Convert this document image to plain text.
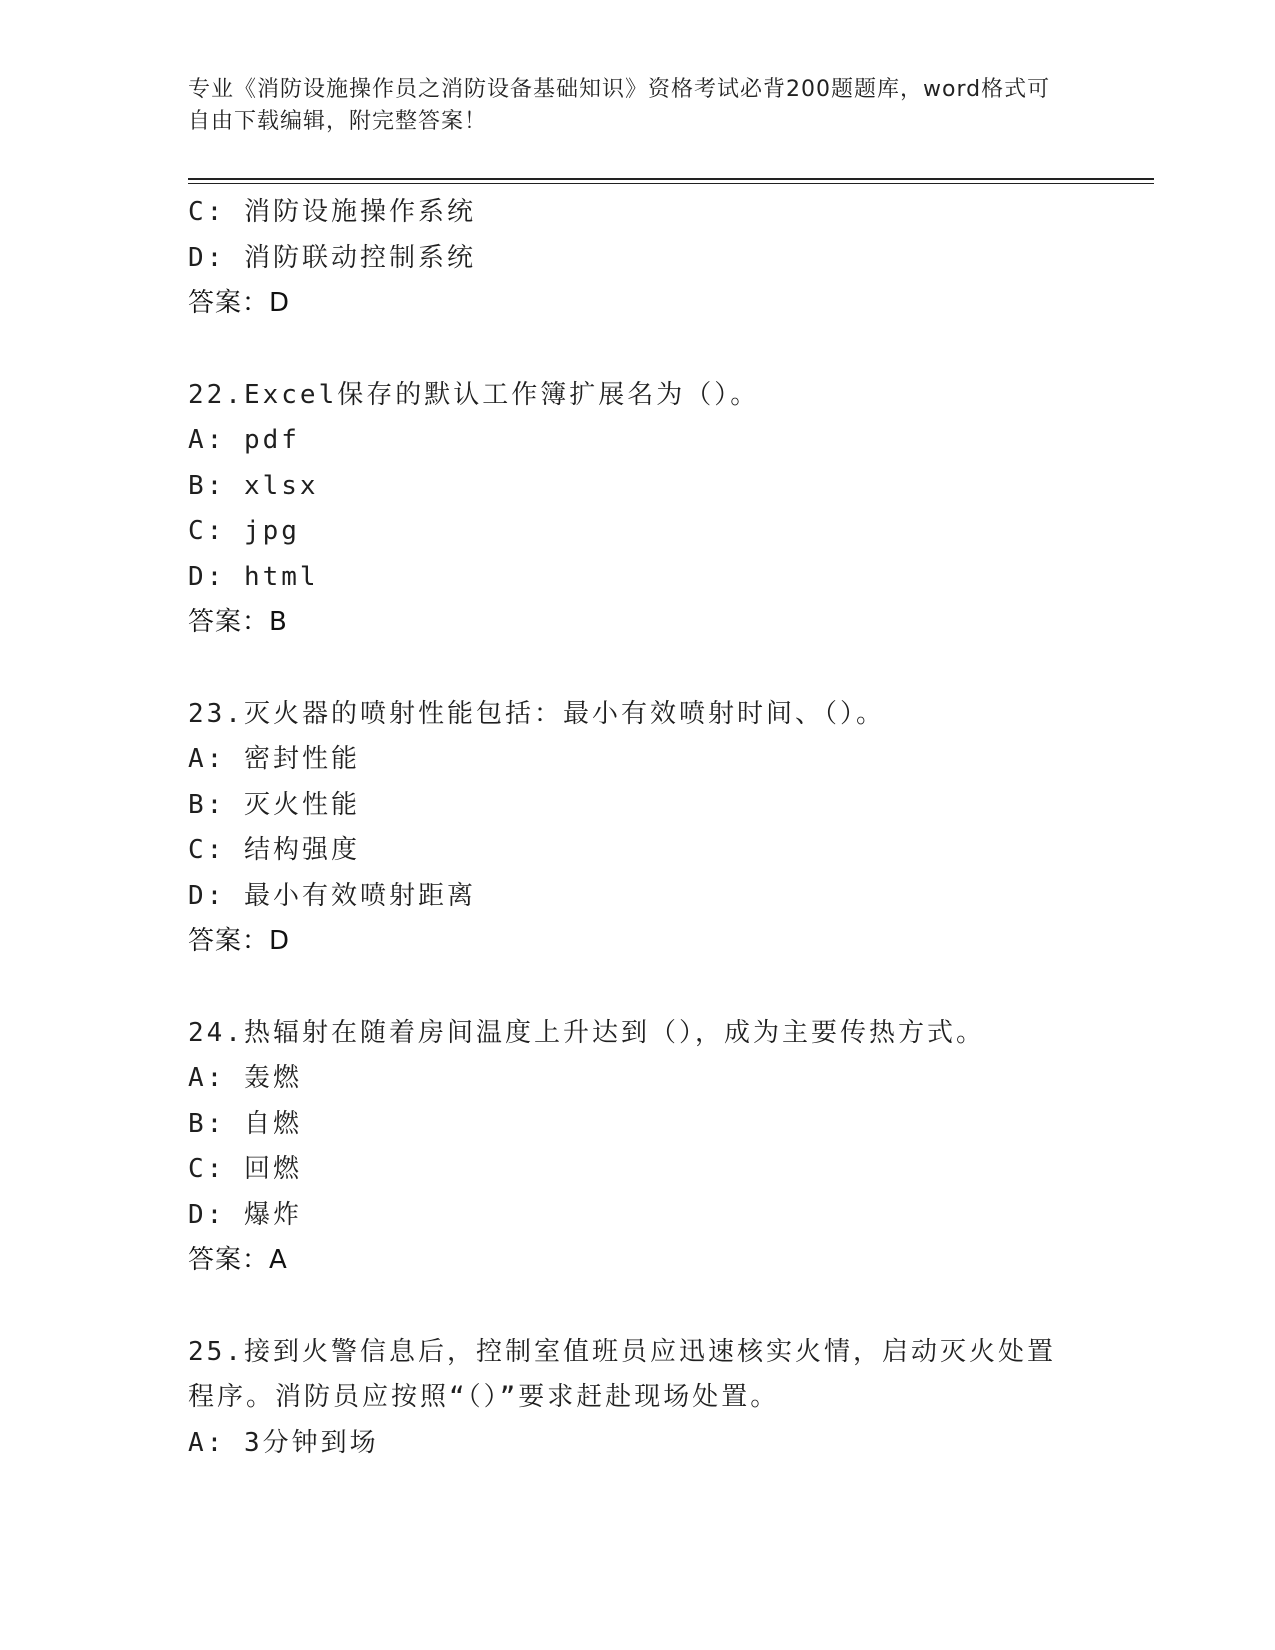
专业《消防设施操作员之消防设备基础知识》资格考试必背200题题库，word格式可自由下载编辑，附完整答案！
C: 消防设施操作系统
D: 消防联动控制系统
答案：D
22.Excel保存的默认工作簿扩展名为（）。
A: pdf
B: xlsx
C: jpg
D: html
答案：B
23.灭火器的喷射性能包括：最小有效喷射时间、（）。
A: 密封性能
B: 灭火性能
C: 结构强度
D: 最小有效喷射距离
答案：D
24.热辐射在随着房间温度上升达到（），成为主要传热方式。
A: 轰燃
B: 自燃
C: 回燃
D: 爆炸
答案：A
25.接到火警信息后，控制室值班员应迅速核实火情，启动灭火处置程序。消防员应按照“（）”要求赶赴现场处置。
A: 3分钟到场
